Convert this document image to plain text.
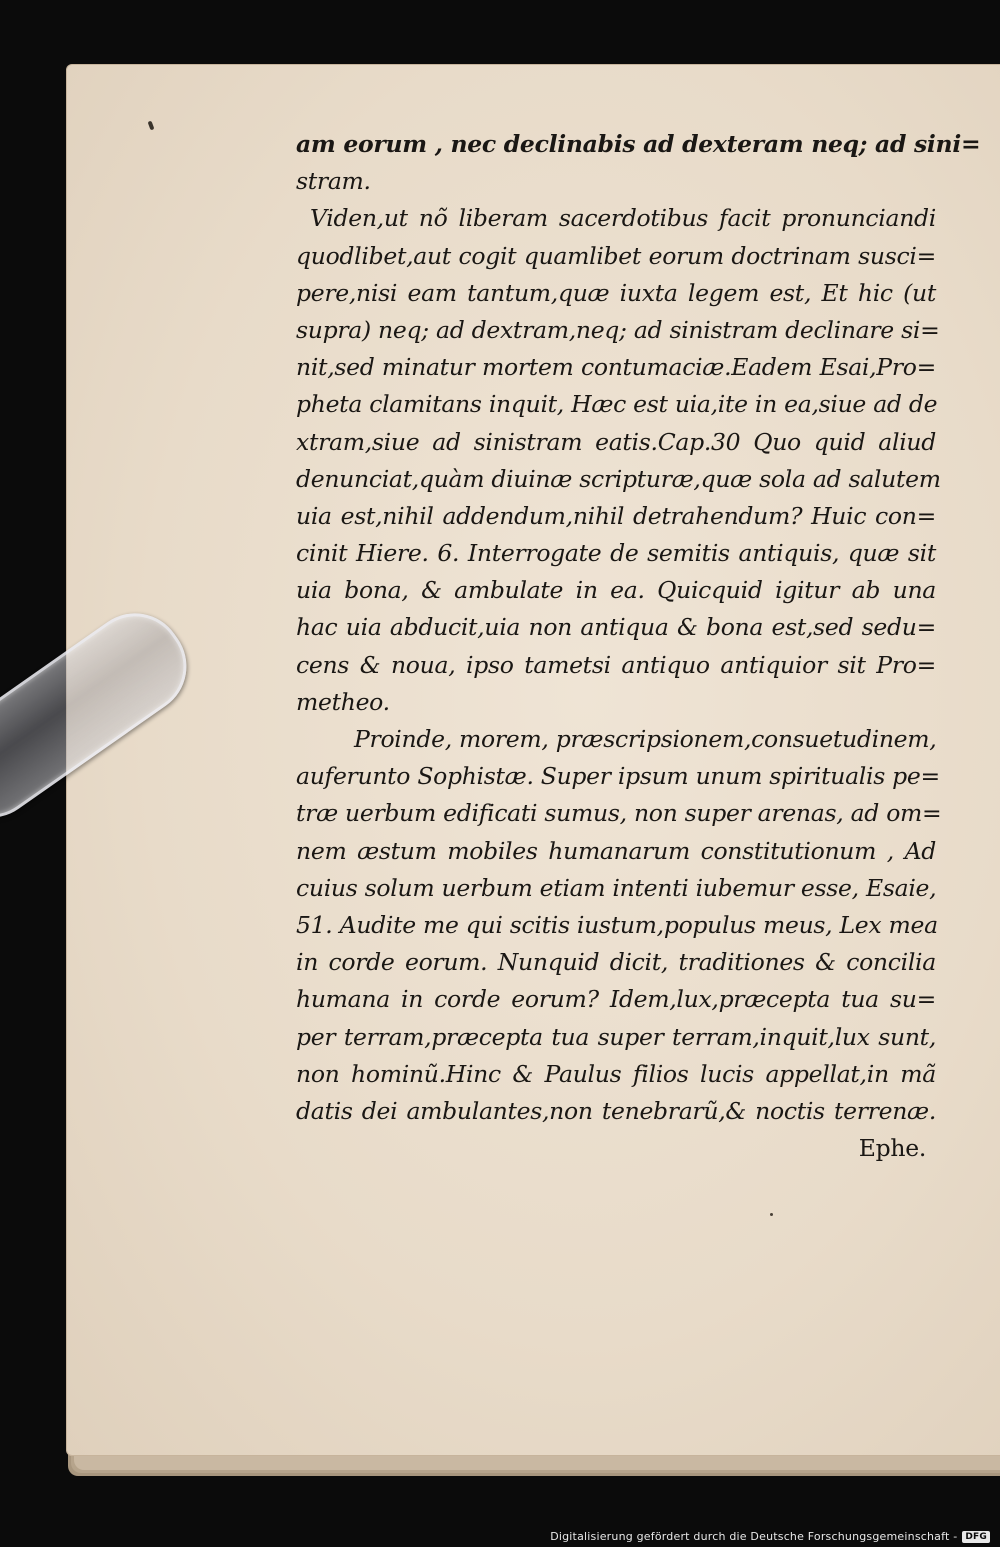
am eorum , nec declinabis ad dexteram neq; ad sini=
stram.
Viden,ut nõ liberam sacerdotibus facit pronunciandi
quodlibet,aut cogit quamlibet eorum doctrinam susci=
pere,nisi eam tantum,quæ iuxta legem est, Et hic (ut
supra) neq; ad dextram,neq; ad sinistram declinare si=
nit,sed minatur mortem contumaciæ.Eadem Esai,Pro=
pheta clamitans inquit, Hæc est uia,ite in ea,siue ad de
xtram,siue ad sinistram eatis.Cap.30 Quo quid aliud
denunciat,quàm diuinæ scripturæ,quæ sola ad salutem
uia est,nihil addendum,nihil detrahendum? Huic con=
cinit Hiere. 6. Interrogate de semitis antiquis, quæ sit
uia bona, & ambulate in ea. Quicquid igitur ab una
hac uia abducit,uia non antiqua & bona est,sed sedu=
cens & noua, ipso tametsi antiquo antiquior sit Pro=
metheo.
Proinde, morem, præscripsionem,consuetudinem,
auferunto Sophistæ. Super ipsum unum spiritualis pe=
træ uerbum edificati sumus, non super arenas, ad om=
nem æstum mobiles humanarum constitutionum , Ad
cuius solum uerbum etiam intenti iubemur esse, Esaie,
51. Audite me qui scitis iustum,populus meus, Lex mea
in corde eorum. Nunquid dicit, traditiones & concilia
humana in corde eorum? Idem,lux,præcepta tua su=
per terram,præcepta tua super terram,inquit,lux sunt,
non hominũ.Hinc & Paulus filios lucis appellat,in mã
datis dei ambulantes,non tenebrarũ,& noctis terrenæ.
Ephe.
Digitalisierung gefördert durch die Deutsche Forschungsgemeinschaft - DFG
